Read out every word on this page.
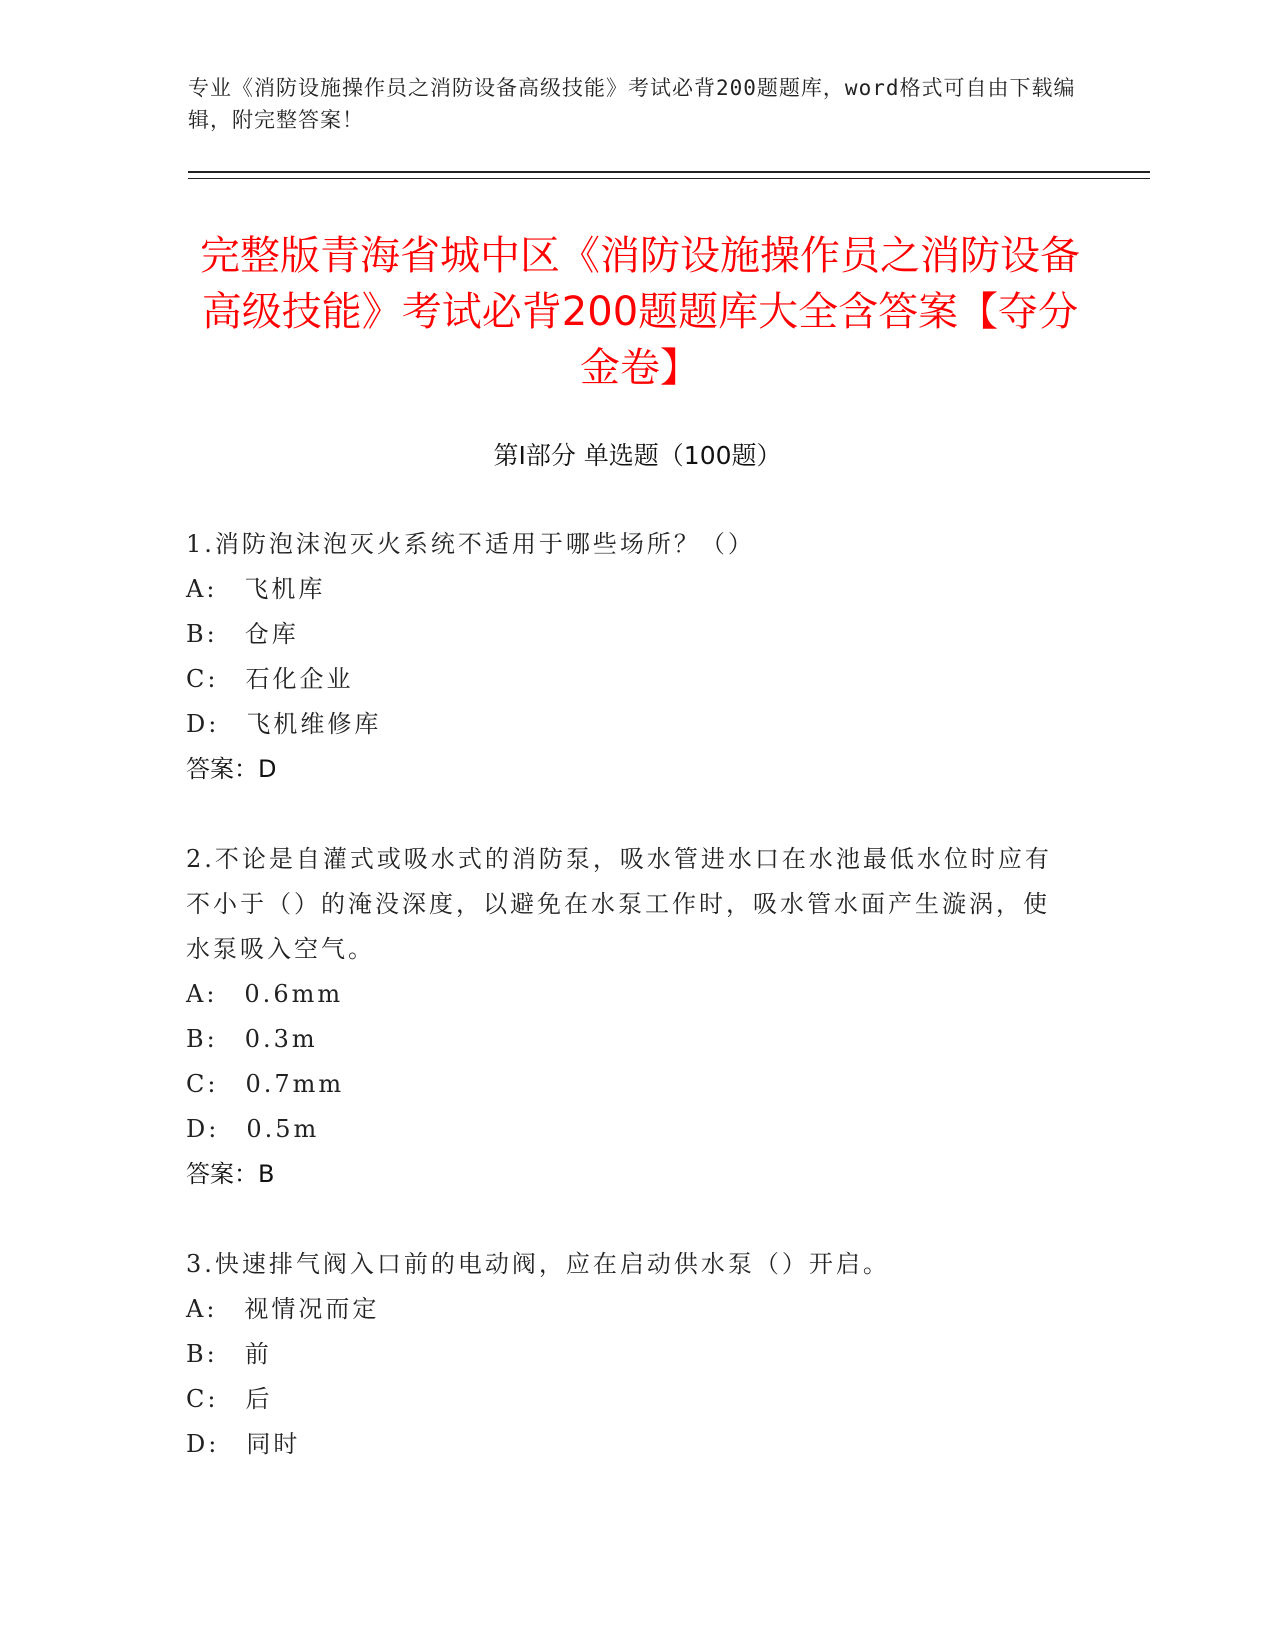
专业《消防设施操作员之消防设备高级技能》考试必背200题题库，word格式可自由下载编辑，附完整答案！
完整版青海省城中区《消防设施操作员之消防设备高级技能》考试必背200题题库大全含答案【夺分金卷】
第I部分 单选题（100题）
1.消防泡沫泡灭火系统不适用于哪些场所？（）
A:　飞机库
B:　仓库
C:　石化企业
D:　飞机维修库
答案：D
2.不论是自灌式或吸水式的消防泵，吸水管进水口在水池最低水位时应有不小于（）的淹没深度，以避免在水泵工作时，吸水管水面产生漩涡，使水泵吸入空气。
A:　0.6mm
B:　0.3m
C:　0.7mm
D:　0.5m
答案：B
3.快速排气阀入口前的电动阀，应在启动供水泵（）开启。
A:　视情况而定
B:　前
C:　后
D:　同时
